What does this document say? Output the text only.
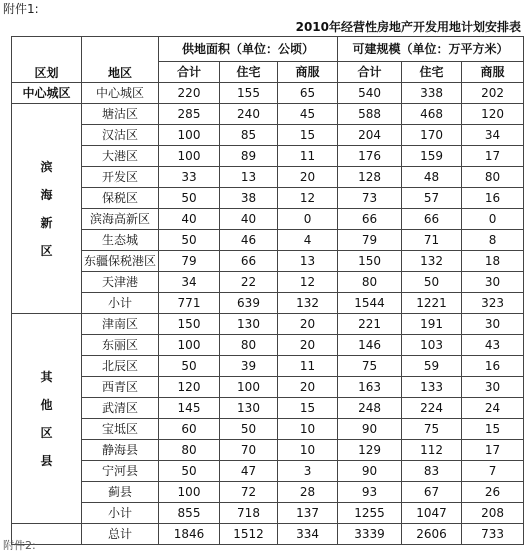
附件1:
2010年经营性房地产开发用地计划安排表
区划	地区	供地面积（单位：公顷）			可建规模（单位：万平方米）		
		合计	住宅	商服	合计	住宅	商服
中心城区	中心城区	220	155	65	540	338	202
滨海新区	塘沽区	285	240	45	588	468	120
	汉沽区	100	85	15	204	170	34
	大港区	100	89	11	176	159	17
	开发区	33	13	20	128	48	80
	保税区	50	38	12	73	57	16
	滨海高新区	40	40	0	66	66	0
	生态城	50	46	4	79	71	8
	东疆保税港区	79	66	13	150	132	18
	天津港	34	22	12	80	50	30
	小计	771	639	132	1544	1221	323
其他区县	津南区	150	130	20	221	191	30
	东丽区	100	80	20	146	103	43
	北辰区	50	39	11	75	59	16
	西青区	120	100	20	163	133	30
	武清区	145	130	15	248	224	24
	宝坻区	60	50	10	90	75	15
	静海县	80	70	10	129	112	17
	宁河县	50	47	3	90	83	7
	蓟县	100	72	28	93	67	26
	小计	855	718	137	1255	1047	208
	总计	1846	1512	334	3339	2606	733
附件2:
